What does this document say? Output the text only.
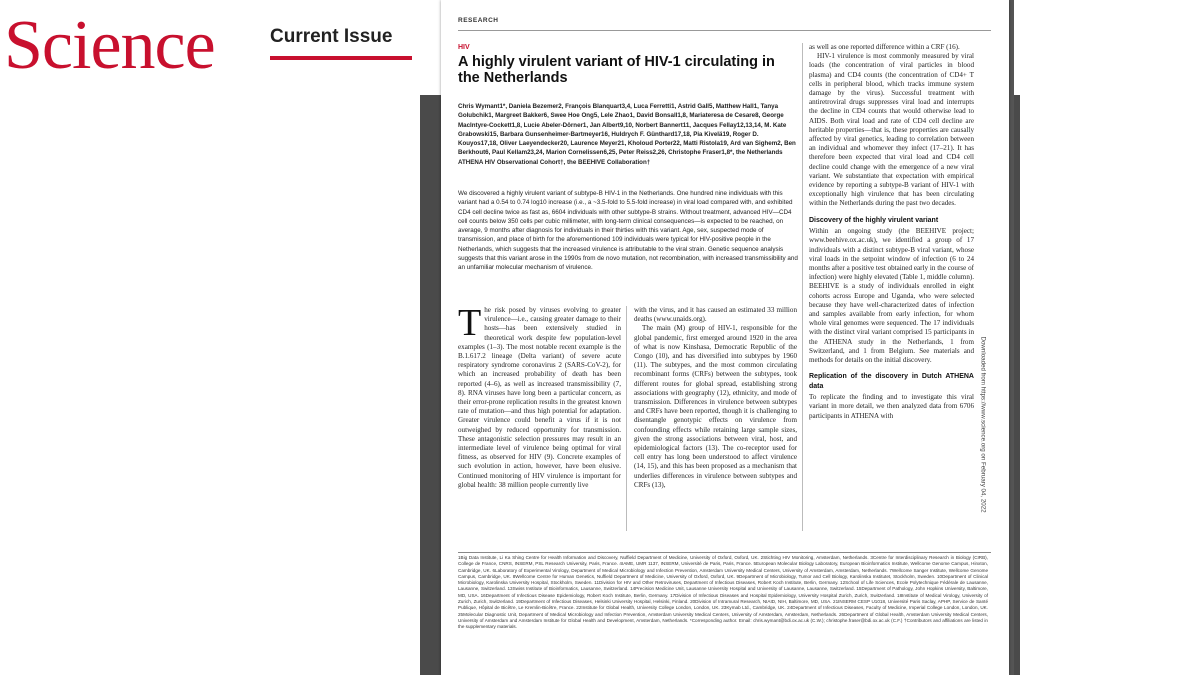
Science	Current Issue
RESEARCH
HIV
A highly virulent variant of HIV-1 circulating in the Netherlands
Chris Wymant1*, Daniela Bezemer2, François Blanquart3,4, Luca Ferretti1, Astrid Gall5, Matthew Hall1, Tanya Golubchik1, Margreet Bakker6, Swee Hoe Ong5, Lele Zhao1, David Bonsall1,8, Mariateresa de Cesare8, George MacIntyre-Cockett1,8, Lucie Abeler-Dörner1, Jan Albert9,10, Norbert Bannert11, Jacques Fellay12,13,14, M. Kate Grabowski15, Barbara Gunsenheimer-Bartmeyer16, Huldrych F. Günthard17,18, Pia Kivelä19, Roger D. Kouyos17,18, Oliver Laeyendecker20, Laurence Meyer21, Kholoud Porter22, Matti Ristola19, Ard van Sighem2, Ben Berkhout6, Paul Kellam23,24, Marion Cornelissen6,25, Peter Reiss2,26, Christophe Fraser1,8*, the Netherlands ATHENA HIV Observational Cohort†, the BEEHIVE Collaboration†
We discovered a highly virulent variant of subtype-B HIV-1 in the Netherlands. One hundred nine individuals with this variant had a 0.54 to 0.74 log10 increase (i.e., a ~3.5-fold to 5.5-fold increase) in viral load compared with, and exhibited CD4 cell decline twice as fast as, 6604 individuals with other subtype-B strains. Without treatment, advanced HIV—CD4 cell counts below 350 cells per cubic millimeter, with long-term clinical consequences—is expected to be reached, on average, 9 months after diagnosis for individuals in their thirties with this variant. Age, sex, suspected mode of transmission, and place of birth for the aforementioned 109 individuals were typical for HIV-positive people in the Netherlands, which suggests that the increased virulence is attributable to the viral strain. Genetic sequence analysis suggests that this variant arose in the 1990s from de novo mutation, not recombination, with increased transmissibility and an unfamiliar molecular mechanism of virulence.
The risk posed by viruses evolving to greater virulence—i.e., causing greater damage to their hosts—has been extensively studied in theoretical work despite few population-level examples (1–3). The most notable recent example is the B.1.617.2 lineage (Delta variant) of severe acute respiratory syndrome coronavirus 2 (SARS-CoV-2), for which an increased probability of death has been reported (4–6), as well as increased transmissibility (7, 8). RNA viruses have long been a particular concern, as their error-prone replication results in the greatest known rate of mutation—and thus high potential for adaptation. Greater virulence could benefit a virus if it is not outweighed by reduced opportunity for transmission. These antagonistic selection pressures may result in an intermediate level of virulence being optimal for viral fitness, as observed for HIV (9). Concrete examples of such evolution in action, however, have been elusive. Continued monitoring of HIV virulence is important for global health: 38 million people currently live
with the virus, and it has caused an estimated 33 million deaths (www.unaids.org).
The main (M) group of HIV-1, responsible for the global pandemic, first emerged around 1920 in the area of what is now Kinshasa, Democratic Republic of the Congo (10), and has diversified into subtypes by 1960 (11). The subtypes, and the most common circulating recombinant forms (CRFs) between the subtypes, took different routes for global spread, establishing strong associations with geography (12), ethnicity, and mode of transmission. Differences in virulence between subtypes and CRFs have been reported, though it is challenging to disentangle genotypic effects on virulence from confounding effects while retaining large sample sizes, given the strong associations between viral, host, and epidemiological factors (13). The co-receptor used for cell entry has long been understood to affect virulence (14, 15), and this has been proposed as a mechanism that underlies differences in virulence between subtypes and CRFs (13),
as well as one reported difference within a CRF (16).
HIV-1 virulence is most commonly measured by viral loads (the concentration of viral particles in blood plasma) and CD4 counts (the concentration of CD4+ T cells in peripheral blood, which tracks immune system damage by the virus). Successful treatment with antiretroviral drugs suppresses viral load and interrupts the decline in CD4 counts that would otherwise lead to AIDS. Both viral load and rate of CD4 cell decline are heritable properties—that is, these properties are causally affected by viral genetics, leading to correlation between an individual and whomever they infect (17–21). It has therefore been expected that viral load and CD4 cell decline could change with the emergence of a new viral variant. We substantiate that expectation with empirical evidence by reporting a subtype-B variant of HIV-1 with exceptionally high virulence that has been circulating within the Netherlands during the past two decades.
Discovery of the highly virulent variant
Within an ongoing study (the BEEHIVE project; www.beehive.ox.ac.uk), we identified a group of 17 individuals with a distinct subtype-B viral variant, whose viral loads in the setpoint window of infection (6 to 24 months after a positive test obtained early in the course of infection) were highly elevated (Table 1, middle column). BEEHIVE is a study of individuals enrolled in eight cohorts across Europe and Uganda, who were selected because they have well-characterized dates of infection and samples available from early infection, for whom whole viral genomes were sequenced. The 17 individuals with the distinct viral variant comprised 15 participants in the ATHENA study in the Netherlands, 1 from Switzerland, and 1 from Belgium. See materials and methods for details on the initial discovery.
Replication of the discovery in Dutch ATHENA data
To replicate the finding and to investigate this viral variant in more detail, we then analyzed data from 6706 participants in ATHENA with	Downloaded from https://www.science.org on February 04, 2022
1Big Data Institute, Li Ka Shing Centre for Health Information and Discovery, Nuffield Department of Medicine, University of Oxford, Oxford, UK. 2Stichting HIV Monitoring, Amsterdam, Netherlands. 3Centre for Interdisciplinary Research in Biology (CIRB), College de France, CNRS, INSERM, PSL Research University, Paris, France. 4IAME, UMR 1137, INSERM, Université de Paris, Paris, France. 5European Molecular Biology Laboratory, European Bioinformatics Institute, Wellcome Genome Campus, Hinxton, Cambridge, UK. 6Laboratory of Experimental Virology, Department of Medical Microbiology and Infection Prevention, Amsterdam University Medical Centers, University of Amsterdam, Amsterdam, Netherlands. 7Wellcome Sanger Institute, Wellcome Genome Campus, Cambridge, UK. 8Wellcome Centre for Human Genetics, Nuffield Department of Medicine, University of Oxford, Oxford, UK. 9Department of Microbiology, Tumor and Cell Biology, Karolinska Institutet, Stockholm, Sweden. 10Department of Clinical Microbiology, Karolinska University Hospital, Stockholm, Sweden. 11Division for HIV and Other Retroviruses, Department of Infectious Diseases, Robert Koch Institute, Berlin, Germany. 12School of Life Sciences, Ecole Polytechnique Fédérale de Lausanne, Lausanne, Switzerland. 13Swiss Institute of Bioinformatics, Lausanne, Switzerland. 14Precision Medicine Unit, Lausanne University Hospital and University of Lausanne, Lausanne, Switzerland. 15Department of Pathology, John Hopkins University, Baltimore, MD, USA. 16Department of Infectious Disease Epidemiology, Robert Koch Institute, Berlin, Germany. 17Division of Infectious Diseases and Hospital Epidemiology, University Hospital Zurich, Zurich, Switzerland. 18Institute of Medical Virology, University of Zurich, Zurich, Switzerland. 19Department of Infectious Diseases, Helsinki University Hospital, Helsinki, Finland. 20Division of Intramural Research, NIAID, NIH, Baltimore, MD, USA. 21INSERM CESP U1018, Université Paris Saclay, APHP, Service de Santé Publique, Hôpital de Bicêtre, Le Kremlin-Bicêtre, France. 22Institute for Global Health, University College London, London, UK. 23Kymab Ltd., Cambridge, UK. 24Department of Infectious Diseases, Faculty of Medicine, Imperial College London, London, UK. 25Molecular Diagnostic Unit, Department of Medical Microbiology and Infection Prevention, Amsterdam University Medical Centers, University of Amsterdam, Amsterdam, Netherlands. 26Department of Global Health, Amsterdam University Medical Centers, University of Amsterdam and Amsterdam Institute for Global Health and Development, Amsterdam, Netherlands. *Corresponding author. Email: chris.wymant@bdi.ox.ac.uk (C.W.); christophe.fraser@bdi.ox.ac.uk (C.F.) †Contributors and affiliations are listed in the supplementary materials.
